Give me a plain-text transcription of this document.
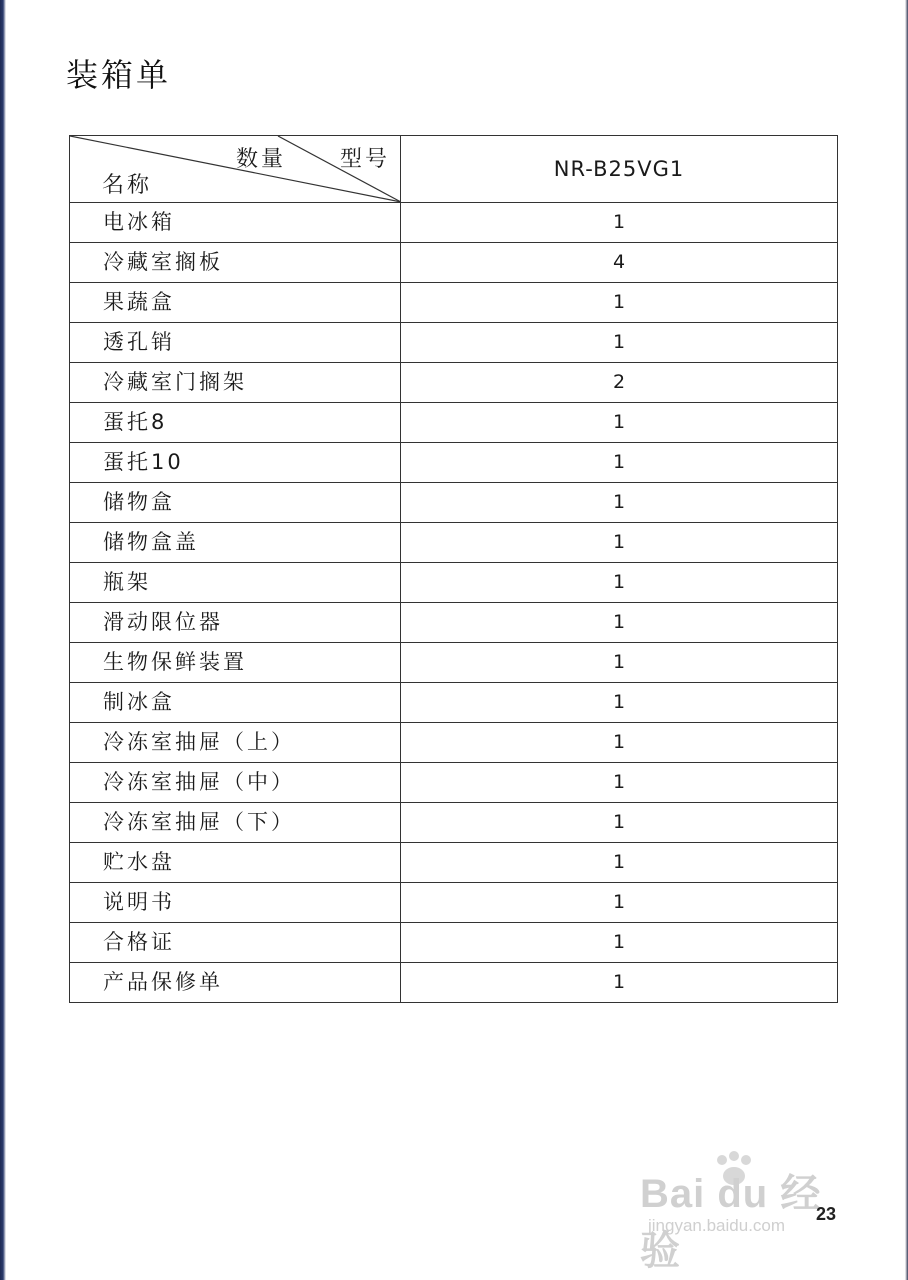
装箱单
数量 型号
名称	NR-B25VG1
电冰箱	1
冷藏室搁板	4
果蔬盒	1
透孔销	1
冷藏室门搁架	2
蛋托8	1
蛋托10	1
储物盒	1
储物盒盖	1
瓶架	1
滑动限位器	1
生物保鲜装置	1
制冰盒	1
冷冻室抽屉（上）	1
冷冻室抽屉（中）	1
冷冻室抽屉（下）	1
贮水盘	1
说明书	1
合格证	1
产品保修单	1
Bai du 经验
jingyan.baidu.com
23
